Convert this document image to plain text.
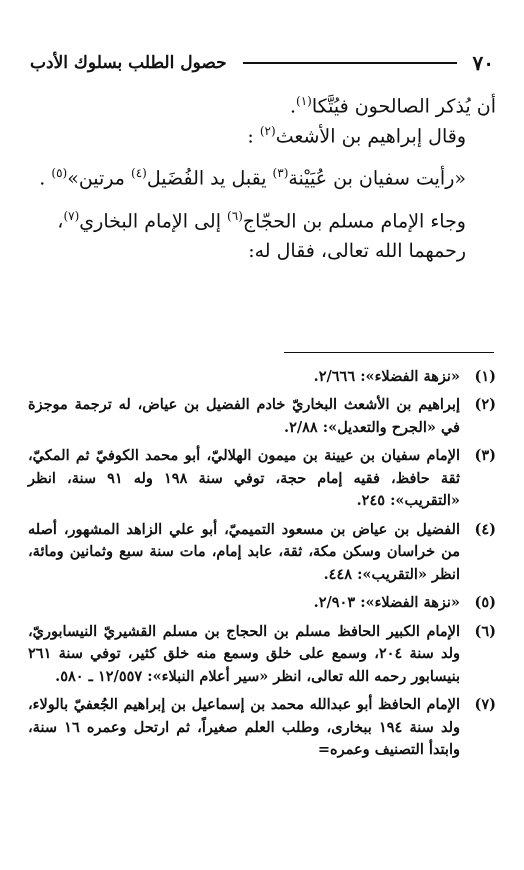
٧٠
حصول الطلب بسلوك الأدب

أن يُذكر الصالحون فيُتَّكا$^{(١)}$.

وقال إبراهيم بن الأشعث$^{(٢)}$ :

«رأيت سفيان بن عُيَيْنة$^{(٣)}$ يقبل يد الفُضَيل$^{(٤)}$ مرتين»$^{(٥)}$ .

وجاء الإمام مسلم بن الحجّاج$^{(٦)}$ إلى الإمام البخاري$^{(٧)}$، رحمهما الله تعالى، فقال له:

(١)
«نزهة الفضلاء»: ٢/٦٦٦.
(٢)
إبراهيم بن الأشعث البخاريّ خادم الفضيل بن عياض، له ترجمة موجزة في «الجرح والتعديل»: ٢/٨٨.
(٣)
الإمام سفيان بن عيينة بن ميمون الهلاليّ، أبو محمد الكوفيّ ثم المكيّ، ثقة حافظ، فقيه إمام حجة، توفي سنة ١٩٨ وله ٩١ سنة، انظر «التقريب»: ٢٤٥.
(٤)
الفضيل بن عياض بن مسعود التميميّ، أبو علي الزاهد المشهور، أصله من خراسان وسكن مكة، ثقة، عابد إمام، مات سنة سبع وثمانين ومائة، انظر «التقريب»: ٤٤٨.
(٥)
«نزهة الفضلاء»: ٢/٩٠٣.
(٦)
الإمام الكبير الحافظ مسلم بن الحجاج بن مسلم القشيريّ النيسابوريّ، ولد سنة ٢٠٤، وسمع على خلق وسمع منه خلق كثير، توفي سنة ٢٦١ بنيسابور رحمه الله تعالى، انظر «سير أعلام النبلاء»: ١٢/٥٥٧ ـ ٥٨٠.
(٧)
الإمام الحافظ أبو عبدالله محمد بن إسماعيل بن إبراهيم الجُعفيّ بالولاء، ولد سنة ١٩٤ ببخارى، وطلب العلم صغيراً، ثم ارتحل وعمره ١٦ سنة، وابتدأ التصنيف وعمره=
